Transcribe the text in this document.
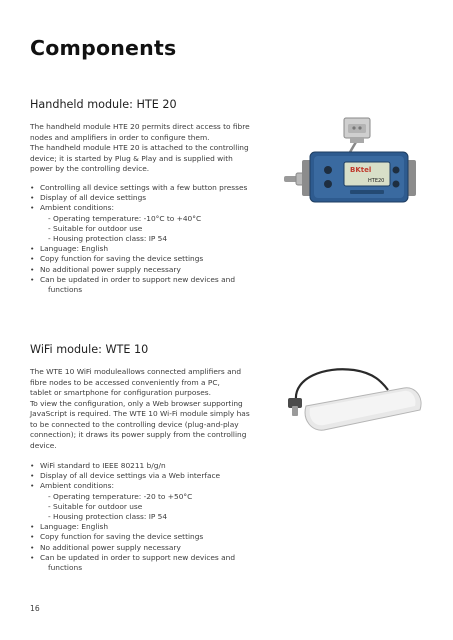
Components
Handheld module: HTE 20

The handheld module HTE 20 permits direct access to fibre
nodes and amplifiers in order to configure them.
The handheld module HTE 20 is attached to the controlling
device; it is started by Plug & Play and is supplied with
power by the controlling device.

• Controlling all device settings with a few button presses
• Display of all device settings
• Ambient conditions:
- Operating temperature: -10°C to +40°C
- Suitable for outdoor use
- Housing protection class: IP 54
• Language: English
• Copy function for saving the device settings
• No additional power supply necessary
• Can be updated in order to support new devices and
functions
BKtel
HTE20
WiFi module: WTE 10

The WTE 10 WiFi moduleallows connected amplifiers and
fibre nodes to be accessed conveniently from a PC,
tablet or smartphone for configuration purposes.
To view the configuration, only a Web browser supporting
JavaScript is required. The WTE 10 Wi-Fi module simply has
to be connected to the controlling device (plug-and-play
connection); it draws its power supply from the controlling
device.

• WiFi standard to IEEE 80211 b/g/n
• Display of all device settings via a Web interface
• Ambient conditions:
- Operating temperature: -20 to +50°C
- Suitable for outdoor use
- Housing protection class: IP 54
• Language: English
• Copy function for saving the device settings
• No additional power supply necessary
• Can be updated in order to support new devices and
functions
16
